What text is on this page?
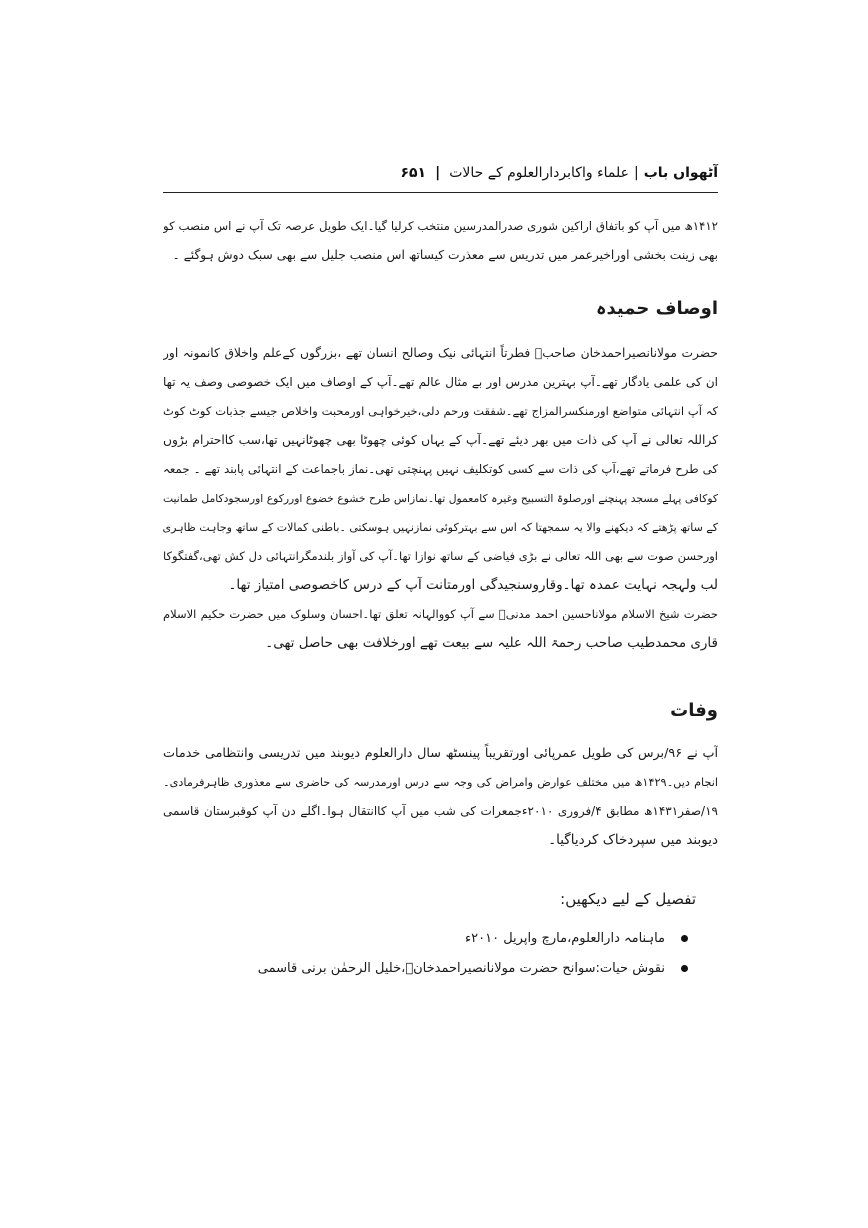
آٹھواں باب|علماء واکابردارالعلوم کے حالات|۶۵۱
۱۴۱۲ھ میں آپ کو باتفاق اراکین شوری صدرالمدرسین منتخب کرلیا گیا۔ایک طویل عرصہ تک آپ نے اس منصب کو
بھی زینت بخشی اوراخیرعمر میں تدریس سے معذرت کیساتھ اس منصب جلیل سے بھی سبک دوش ہوگئے ۔
اوصاف حمیدہ
حضرت مولانانصیراحمدخان صاحبؒ فطرتاً انتہائی نیک وصالح انسان تھے ،بزرگوں کےعلم واخلاق کانمونہ اور
ان کی علمی یادگار تھے۔آپ بہترین مدرس اور بے مثال عالم تھے۔آپ کے اوصاف میں ایک خصوصی وصف یہ تھا
کہ آپ انتہائی متواضع اورمنکسرالمزاج تھے۔شفقت ورحم دلی،خیرخواہی اورمحبت واخلاص جیسے جذبات کوٹ کوٹ
کراللہ تعالی نے آپ کی ذات میں بھر دیئے تھے۔آپ کے یہاں کوئی چھوٹا بھی چھوٹانہیں تھا،سب کااحترام بڑوں
کی طرح فرماتے تھے،آپ کی ذات سے کسی کوتکلیف نہیں پہنچتی تھی۔نماز باجماعت کے انتہائی پابند تھے ۔ جمعہ
کوکافی پہلے مسجد پہنچنے اورصلوۃ التسبیح وغیرہ کامعمول تھا۔نمازاس طرح خشوع خضوع اوررکوع اورسجودکامل طمانیت
کے ساتھ پڑھتے کہ دیکھنے والا یہ سمجھتا کہ اس سے بہترکوئی نمازنہیں ہوسکتی ۔باطنی کمالات کے ساتھ وجاہت ظاہری
اورحسن صوت سے بھی اللہ تعالی نے بڑی فیاضی کے ساتھ نوازا تھا۔آپ کی آواز بلندمگرانتہائی دل کش تھی،گفتگوکا
لب ولہجہ نہایت عمدہ تھا۔وقاروسنجیدگی اورمتانت آپ کے درس کاخصوصی امتیاز تھا۔
حضرت شیخ الاسلام مولاناحسین احمد مدنیؒ سے آپ کووالہانہ تعلق تھا۔احسان وسلوک میں حضرت حکیم الاسلام
قاری محمدطیب صاحب رحمۃ اللہ علیہ سے بیعت تھے اورخلافت بھی حاصل تھی۔
وفات
آپ نے ۹۶/برس کی طویل عمرپائی اورتقریباً پینسٹھ سال دارالعلوم دیوبند میں تدریسی وانتظامی خدمات
انجام دیں۔۱۴۲۹ھ میں مختلف عوارض وامراض کی وجہ سے درس اورمدرسہ کی حاضری سے معذوری ظاہرفرمادی۔
۱۹/صفر۱۴۳۱ھ مطابق ۴/فروری ۲۰۱۰ءجمعرات کی شب میں آپ کاانتقال ہوا۔اگلے دن آپ کوقبرستان قاسمی
دیوبند میں سپردخاک کردیاگیا۔
تفصیل کے لیے دیکھیں:
ماہنامہ دارالعلوم،مارچ واپریل ۲۰۱۰ء
نقوش حیات:سوانح حضرت مولانانصیراحمدخانؒ،خلیل الرحمٰن برنی قاسمی
